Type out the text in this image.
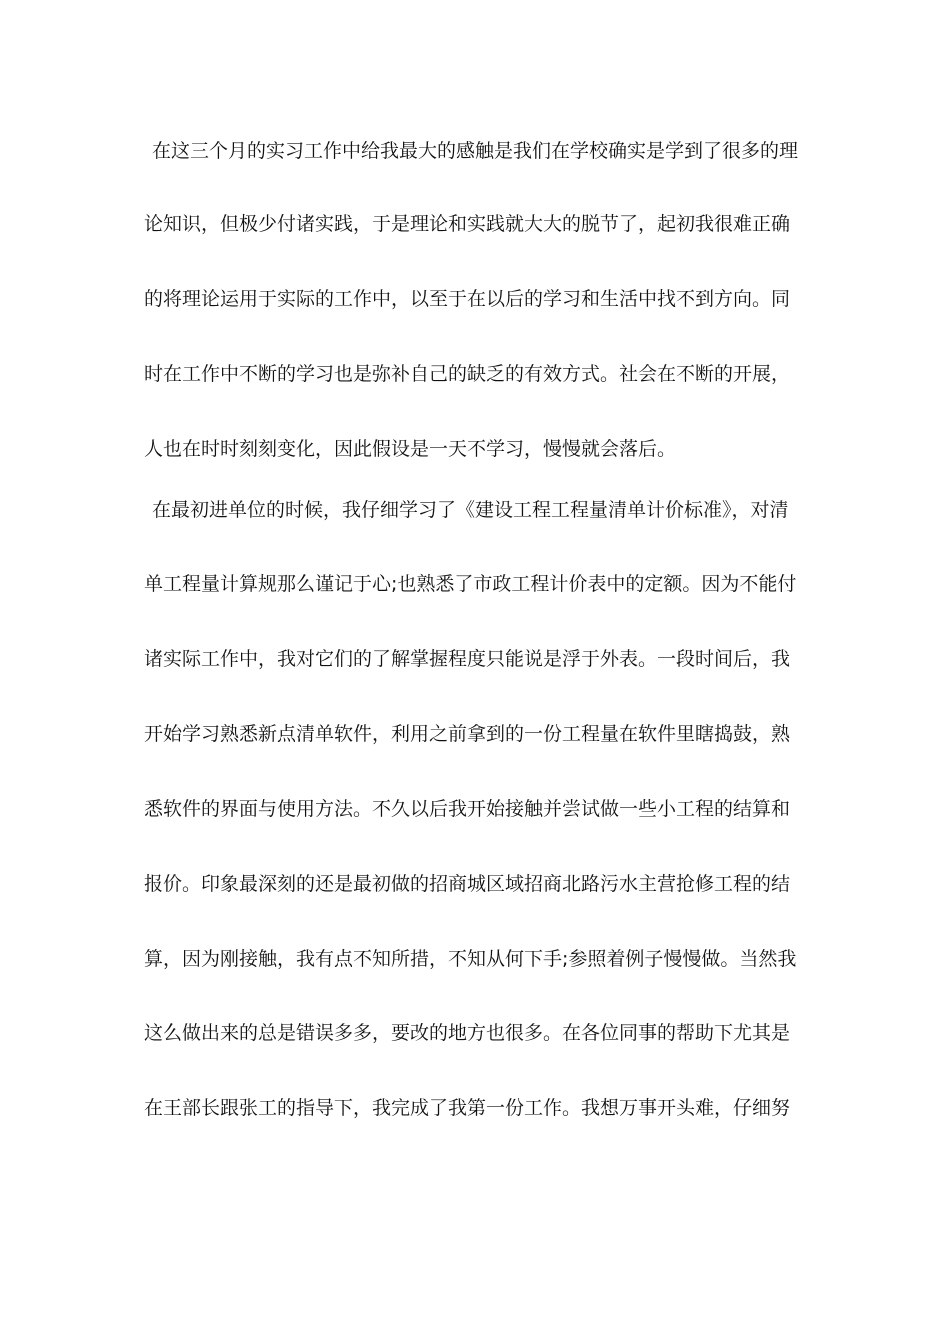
在这三个月的实习工作中给我最大的感触是我们在学校确实是学到了很多的理
论知识，但极少付诸实践，于是理论和实践就大大的脱节了，起初我很难正确
的将理论运用于实际的工作中，以至于在以后的学习和生活中找不到方向。同
时在工作中不断的学习也是弥补自己的缺乏的有效方式。社会在不断的开展，
人也在时时刻刻变化，因此假设是一天不学习，慢慢就会落后。
在最初进单位的时候，我仔细学习了《建设工程工程量清单计价标准》，对清
单工程量计算规那么谨记于心;也熟悉了市政工程计价表中的定额。因为不能付
诸实际工作中，我对它们的了解掌握程度只能说是浮于外表。一段时间后，我
开始学习熟悉新点清单软件，利用之前拿到的一份工程量在软件里瞎捣鼓，熟
悉软件的界面与使用方法。不久以后我开始接触并尝试做一些小工程的结算和
报价。印象最深刻的还是最初做的招商城区域招商北路污水主营抢修工程的结
算，因为刚接触，我有点不知所措，不知从何下手;参照着例子慢慢做。当然我
这么做出来的总是错误多多，要改的地方也很多。在各位同事的帮助下尤其是
在王部长跟张工的指导下，我完成了我第一份工作。我想万事开头难，仔细努
